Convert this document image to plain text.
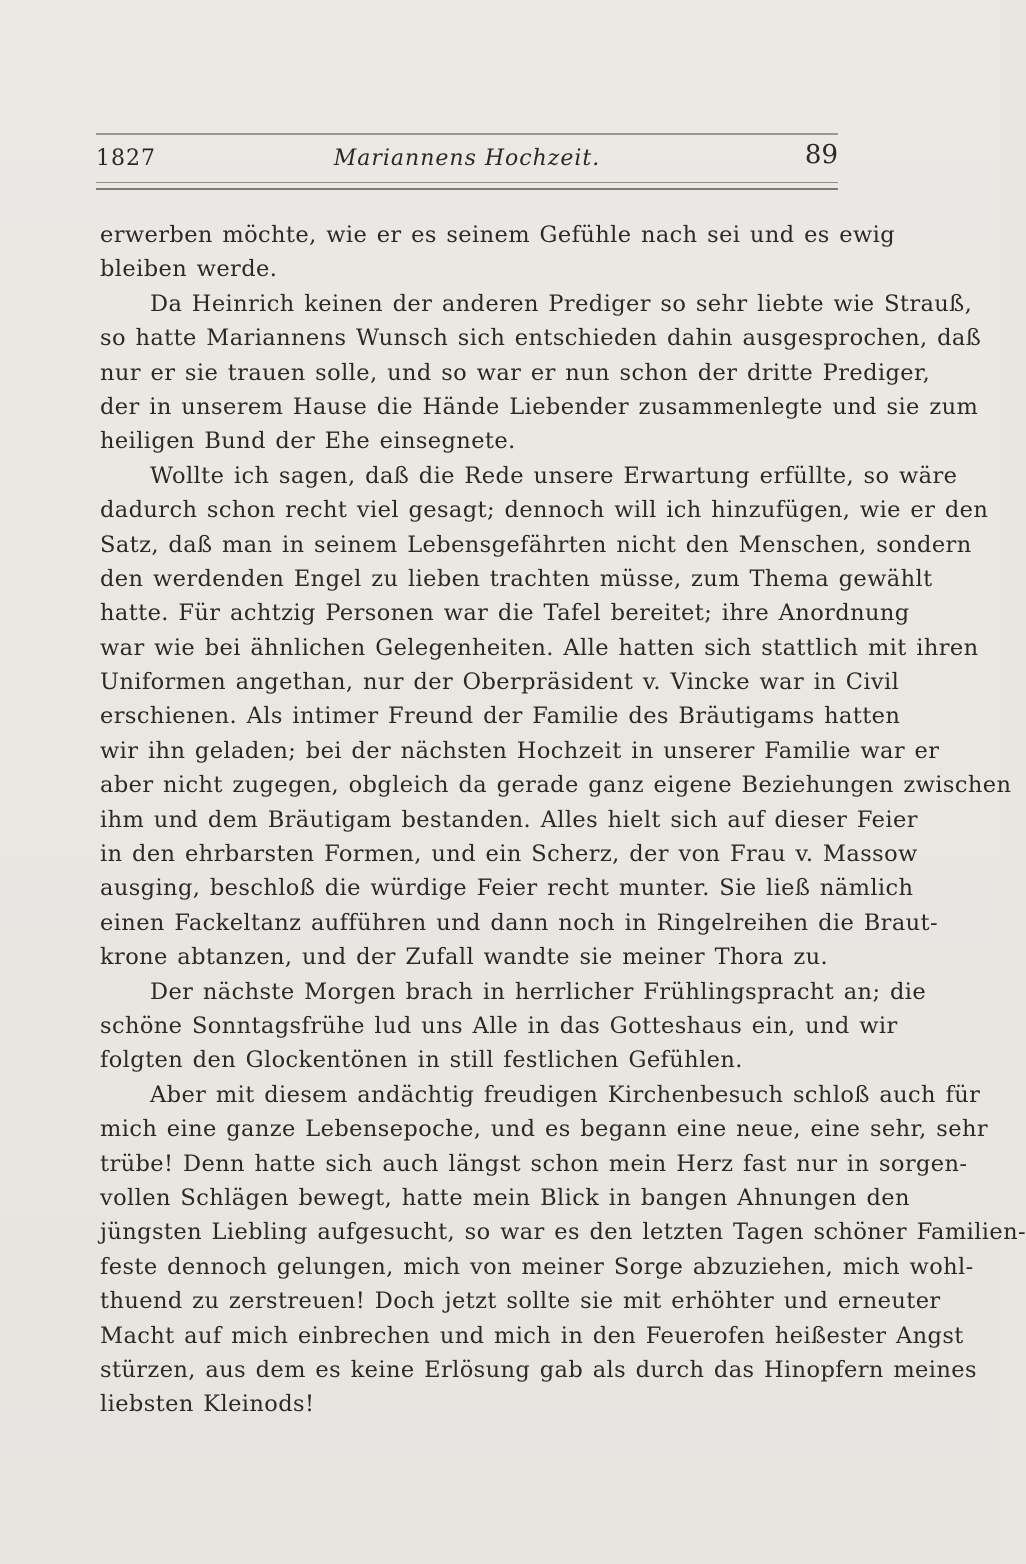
1827	Mariannens Hochzeit.	89
erwerben möchte, wie er es seinem Gefühle nach sei und es ewig
bleiben werde.
Da Heinrich keinen der anderen Prediger so sehr liebte wie Strauß,
so hatte Mariannens Wunsch sich entschieden dahin ausgesprochen, daß
nur er sie trauen solle, und so war er nun schon der dritte Prediger,
der in unserem Hause die Hände Liebender zusammenlegte und sie zum
heiligen Bund der Ehe einsegnete.
Wollte ich sagen, daß die Rede unsere Erwartung erfüllte, so wäre
dadurch schon recht viel gesagt; dennoch will ich hinzufügen, wie er den
Satz, daß man in seinem Lebensgefährten nicht den Menschen, sondern
den werdenden Engel zu lieben trachten müsse, zum Thema gewählt
hatte. Für achtzig Personen war die Tafel bereitet; ihre Anordnung
war wie bei ähnlichen Gelegenheiten. Alle hatten sich stattlich mit ihren
Uniformen angethan, nur der Oberpräsident v. Vincke war in Civil
erschienen. Als intimer Freund der Familie des Bräutigams hatten
wir ihn geladen; bei der nächsten Hochzeit in unserer Familie war er
aber nicht zugegen, obgleich da gerade ganz eigene Beziehungen zwischen
ihm und dem Bräutigam bestanden. Alles hielt sich auf dieser Feier
in den ehrbarsten Formen, und ein Scherz, der von Frau v. Massow
ausging, beschloß die würdige Feier recht munter. Sie ließ nämlich
einen Fackeltanz aufführen und dann noch in Ringelreihen die Braut-
krone abtanzen, und der Zufall wandte sie meiner Thora zu.
Der nächste Morgen brach in herrlicher Frühlingspracht an; die
schöne Sonntagsfrühe lud uns Alle in das Gotteshaus ein, und wir
folgten den Glockentönen in still festlichen Gefühlen.
Aber mit diesem andächtig freudigen Kirchenbesuch schloß auch für
mich eine ganze Lebensepoche, und es begann eine neue, eine sehr, sehr
trübe! Denn hatte sich auch längst schon mein Herz fast nur in sorgen-
vollen Schlägen bewegt, hatte mein Blick in bangen Ahnungen den
jüngsten Liebling aufgesucht, so war es den letzten Tagen schöner Familien-
feste dennoch gelungen, mich von meiner Sorge abzuziehen, mich wohl-
thuend zu zerstreuen! Doch jetzt sollte sie mit erhöhter und erneuter
Macht auf mich einbrechen und mich in den Feuerofen heißester Angst
stürzen, aus dem es keine Erlösung gab als durch das Hinopfern meines
liebsten Kleinods!
